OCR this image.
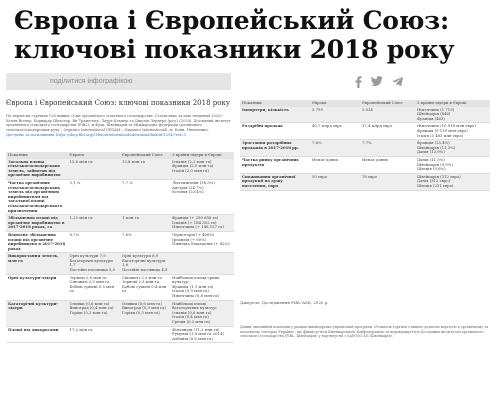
Європа і Європейський Союз: ключові показники 2018 року
поділитися інфографікою
Європа і Європейський Союз: ключові показники 2018 року
По перше,на стрічках 126 вміннь «Світ органічного сільського господарства. Статистика та нові тенденції 2020» Хелен Віллер, Бернарду Шльотер, Ян Трамп'ють, Лауре Кемпер та Джулія Лернерд (ред.) (2020). Дослідний інститут органічного сільського господарства (FiBL), м.Фрік, Швейцарія та Міжнародна федерація органічного сільськогосподарських руху – Organics International (IFOAM – Organics International), м. Бонн, Німеччина.
Доступно за посиланням: https://shop.fibl.org/CHen/mwdownloads/download/link/id/1294/?ref=1
Показник	Європа	Європейський Союз	3 країни-лідери в Європі
Загальна площа сільськогосподарських земель, зайнятих під органічне виробництво	15,6 млн га	13,8 млн га	Іспанія (2,2 млн га)
Франція (2,0 млн га)
Італія (2,0 млн га)

Частка органічних сільськогосподарських земель під органічним виробництвом від загальної площі сільськогосподарського призначення	3,1 %	7,7 %	Ліхтенштейн (38,5%)
Австрія (24,7%)
Естонія (22,4%)

Збільшення площі під органічне виробництво в 2017-2018 роках, га	1,25 млн га	1 млн га	Франція (+ 290 658 га)
Іспанія (+ 164 302 га)
Німеччина (+ 148 157 га)

Відносне збільшення площі під органічне виробництво в 2017-2018 роках	8,7%	7,6%	Чорногорія (+ 466%)
Ірландія (+ 60%)
Північна Македонія (+ 42%)

Використання земель, млн га	Орні культури 7,9
Багаторічні культури 1,7
Постійні пасовища 5,0	Орні культури 6,9
Багаторічні культури 1,6
Постійні пасовища 4,9	

Орні культури-лідери	Зернові 2,6 млн га
Сіножаті 2,5 млн га
Бобові сушені 0,5 млн га	Сіножаті 2,3 млн га
Зернові 2,3 млн га
Бобові сушені 0,4 млн га	Найбільші площі орних культур:
Франція (1,1 млн га)
Італія (0,9 млн га)
Німеччина (0,8 млн га)

Багаторічні культури-лідери	Оливки (0,6 млн га)
Виноград (0,4 млн га)
Горіхи (0,3 млн га)	Оливки (0,6 млн га)
Виноград (0,3 млн га)
Горіхи (0,3 млн га)	Найбільші площі багаторічних культур:
Іспанія (0,6 млн га)
Італія (0,4 млн га)
Греція (0,2 млн га)

Площі під дикоросами	17,2 млн га		Фінляндія (11,2 млн га)
Румунія (1,8 млн га 2014)
Албанія (0,6 млн га)
Показник	Європа	Європейський Союз	3 країни-лідери в Європі
Імпортери, кількість	5 799	5 034	Німеччина (1 719)
Швейцарія (846)
Франція (463)

Роздрібні продажі	40,7 млрд євро	37,4 млрд євро	Німеччина (10 918 млн євро)
Франція (9 139 млн євро)
Італія (3 483 млн євро)

Зростання роздрібних продажів в 2017-2018 рр.	7,6%	7,7%	Франція (15,4%)
Швейцарія (11,3%)
Данія (12,9%)

Частка ринку органічних продуктів	Немає даних	Немає даних	Данія (11,5%)
Швейцарія (9,9%)
Швеція (9,6%)

Споживання органічної продукції на душу населення, євро	50 євро	76 євро	Швейцарія (312 євро)
Данія (312 євро)
Швеція (231 євро)
Джерело: Дослідження FiBL-AMI, 2020 р.
Даний звичайний показник у рамках швейцарсько-українській програми «Розвиток торгівлі з вищою доданою вартістю в органічному та молочному секторах України», що фінансується Швейцарською Конфедерацією та впроваджується Дослідним інститутом органічного сільського господарства (FiBL, Швейцарія) у партнерстві з SAFOSO AG (Швейцарія).
